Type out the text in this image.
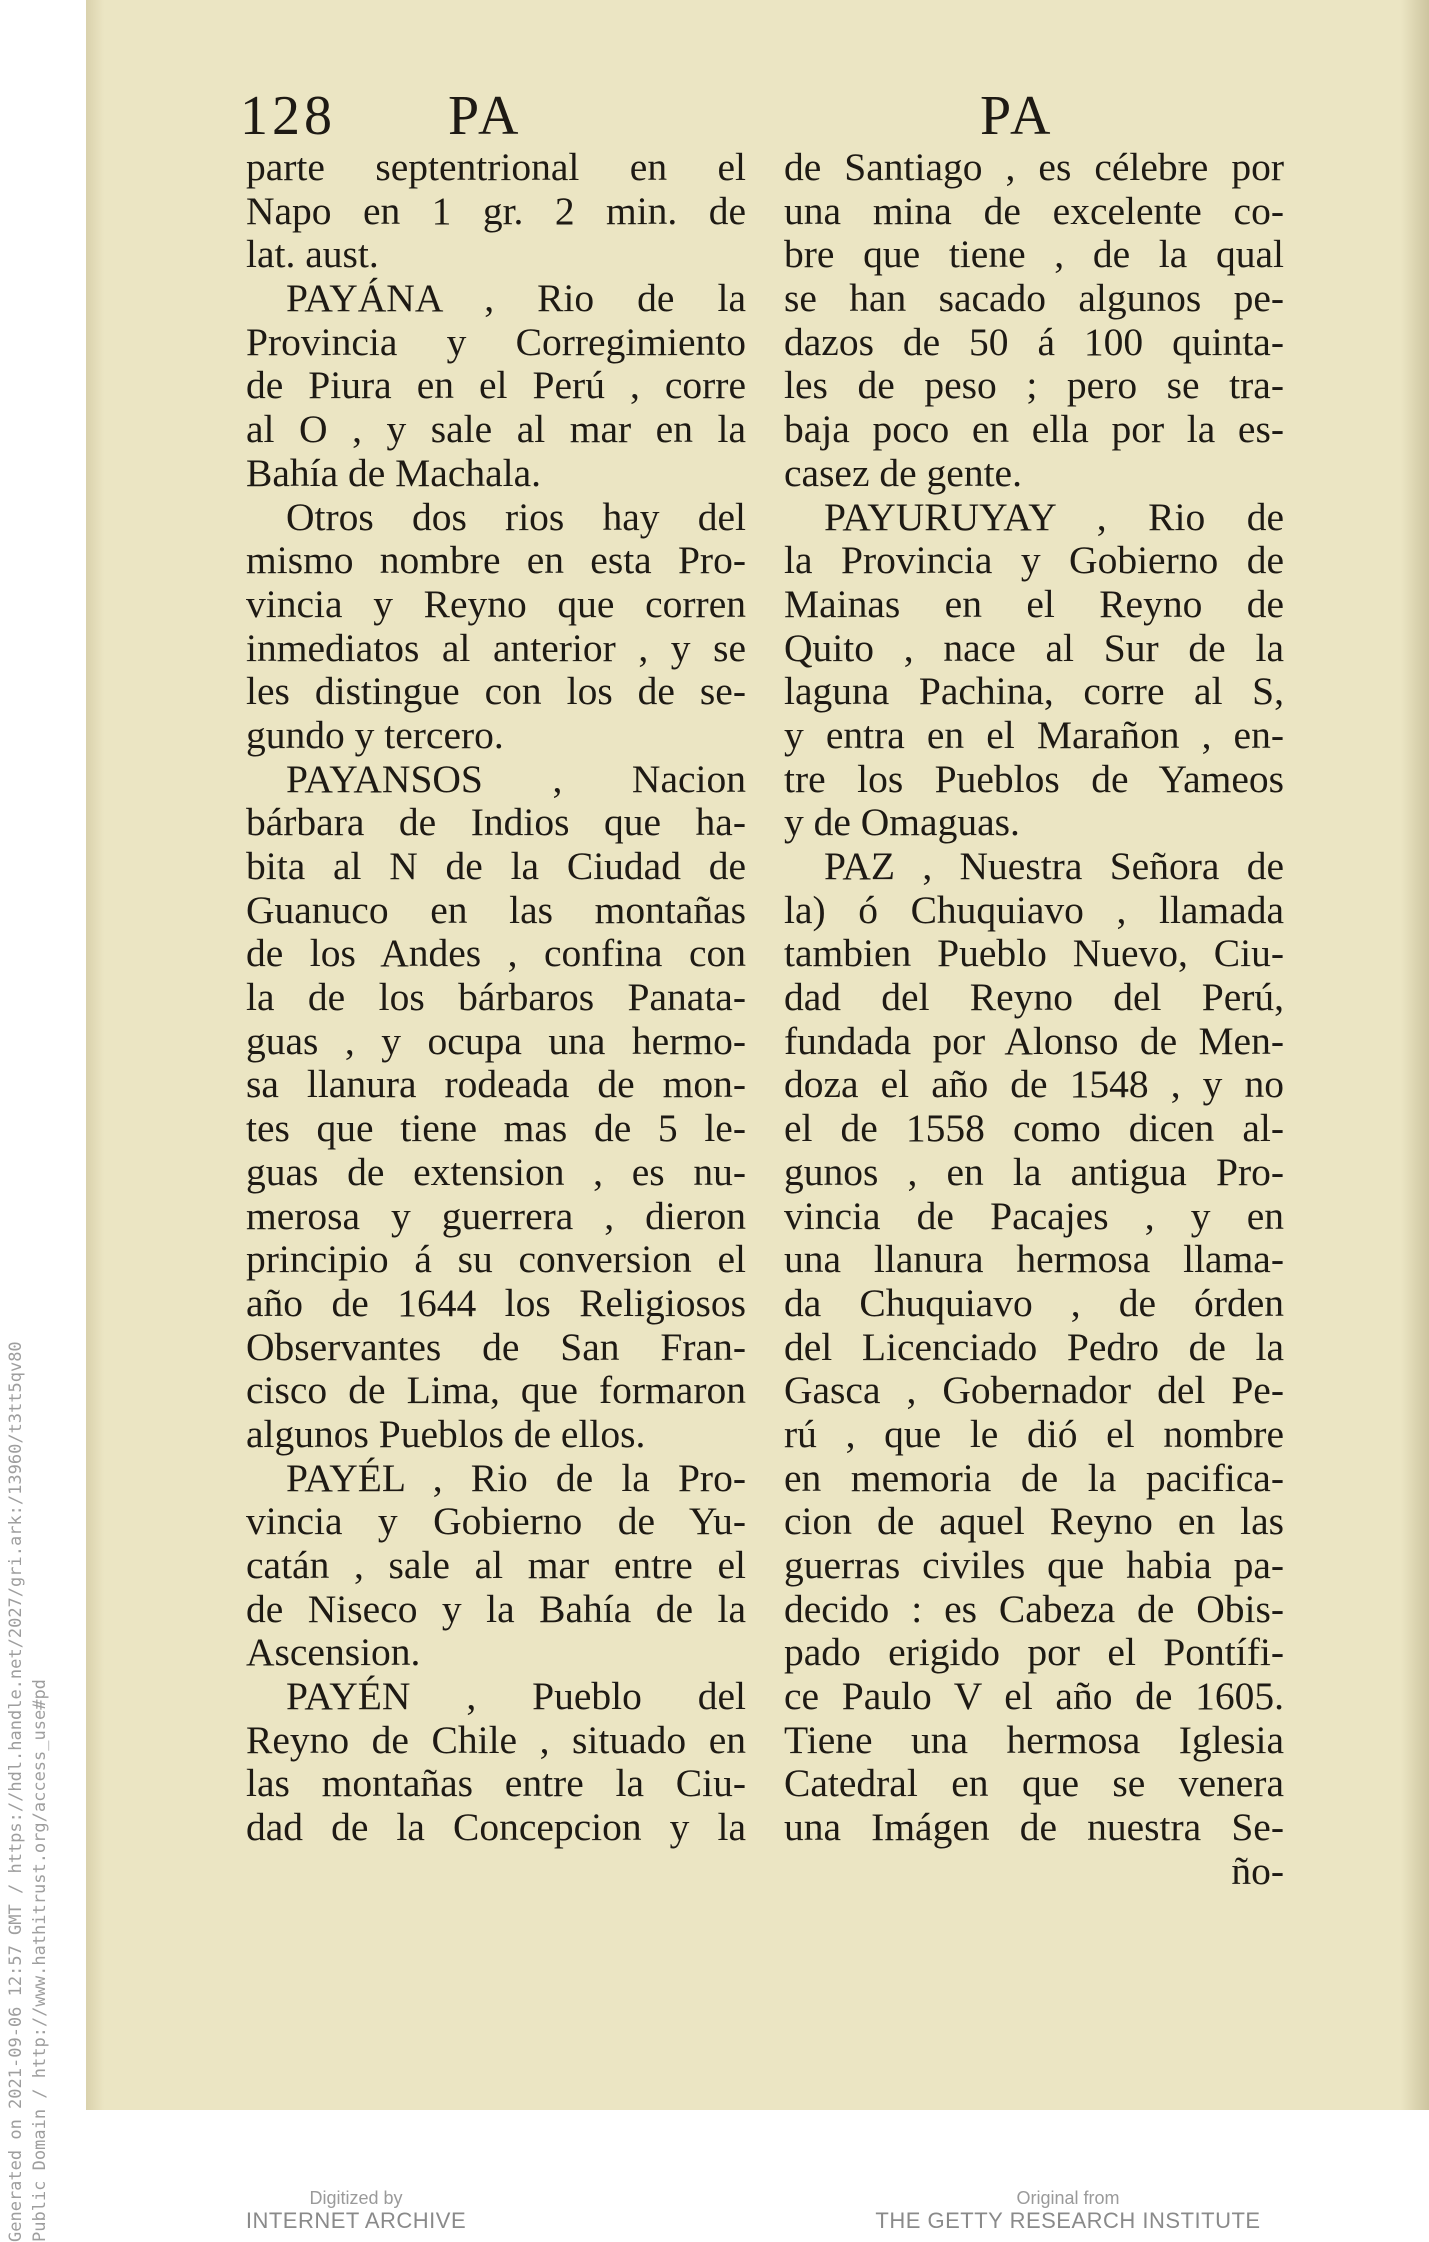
Generated on 2021-09-06 12:57 GMT / https://hdl.handle.net/2027/gri.ark:/13960/t3tt5qv80 Public Domain / http://www.hathitrust.org/access_use#pd
128 PA	PA
parte septentrional en el
Napo en 1 gr. 2 min. de
lat. aust.
PAYÁNA , Rio de la
Provincia y Corregimiento
de Piura en el Perú , corre
al O , y sale al mar en la
Bahía de Machala.
Otros dos rios hay del
mismo nombre en esta Pro-
vincia y Reyno que corren
inmediatos al anterior , y se
les distingue con los de se-
gundo y tercero.
PAYANSOS , Nacion
bárbara de Indios que ha-
bita al N de la Ciudad de
Guanuco en las montañas
de los Andes , confina con
la de los bárbaros Panata-
guas , y ocupa una hermo-
sa llanura rodeada de mon-
tes que tiene mas de 5 le-
guas de extension , es nu-
merosa y guerrera , dieron
principio á su conversion el
año de 1644 los Religiosos
Observantes de San Fran-
cisco de Lima, que formaron
algunos Pueblos de ellos.
PAYÉL , Rio de la Pro-
vincia y Gobierno de Yu-
catán , sale al mar entre el
de Niseco y la Bahía de la
Ascension.
PAYÉN , Pueblo del
Reyno de Chile , situado en
las montañas entre la Ciu-
dad de la Concepcion y la
de Santiago , es célebre por
una mina de excelente co-
bre que tiene , de la qual
se han sacado algunos pe-
dazos de 50 á 100 quinta-
les de peso ; pero se tra-
baja poco en ella por la es-
casez de gente.
PAYURUYAY , Rio de
la Provincia y Gobierno de
Mainas en el Reyno de
Quito , nace al Sur de la
laguna Pachina, corre al S,
y entra en el Marañon , en-
tre los Pueblos de Yameos
y de Omaguas.
PAZ , Nuestra Señora de
la) ó Chuquiavo , llamada
tambien Pueblo Nuevo, Ciu-
dad del Reyno del Perú,
fundada por Alonso de Men-
doza el año de 1548 , y no
el de 1558 como dicen al-
gunos , en la antigua Pro-
vincia de Pacajes , y en
una llanura hermosa llama-
da Chuquiavo , de órden
del Licenciado Pedro de la
Gasca , Gobernador del Pe-
rú , que le dió el nombre
en memoria de la pacifica-
cion de aquel Reyno en las
guerras civiles que habia pa-
decido : es Cabeza de Obis-
pado erigido por el Pontífi-
ce Paulo V el año de 1605.
Tiene una hermosa Iglesia
Catedral en que se venera
una Imágen de nuestra Se-
ño-
Digitized by
INTERNET ARCHIVE
Original from
THE GETTY RESEARCH INSTITUTE
